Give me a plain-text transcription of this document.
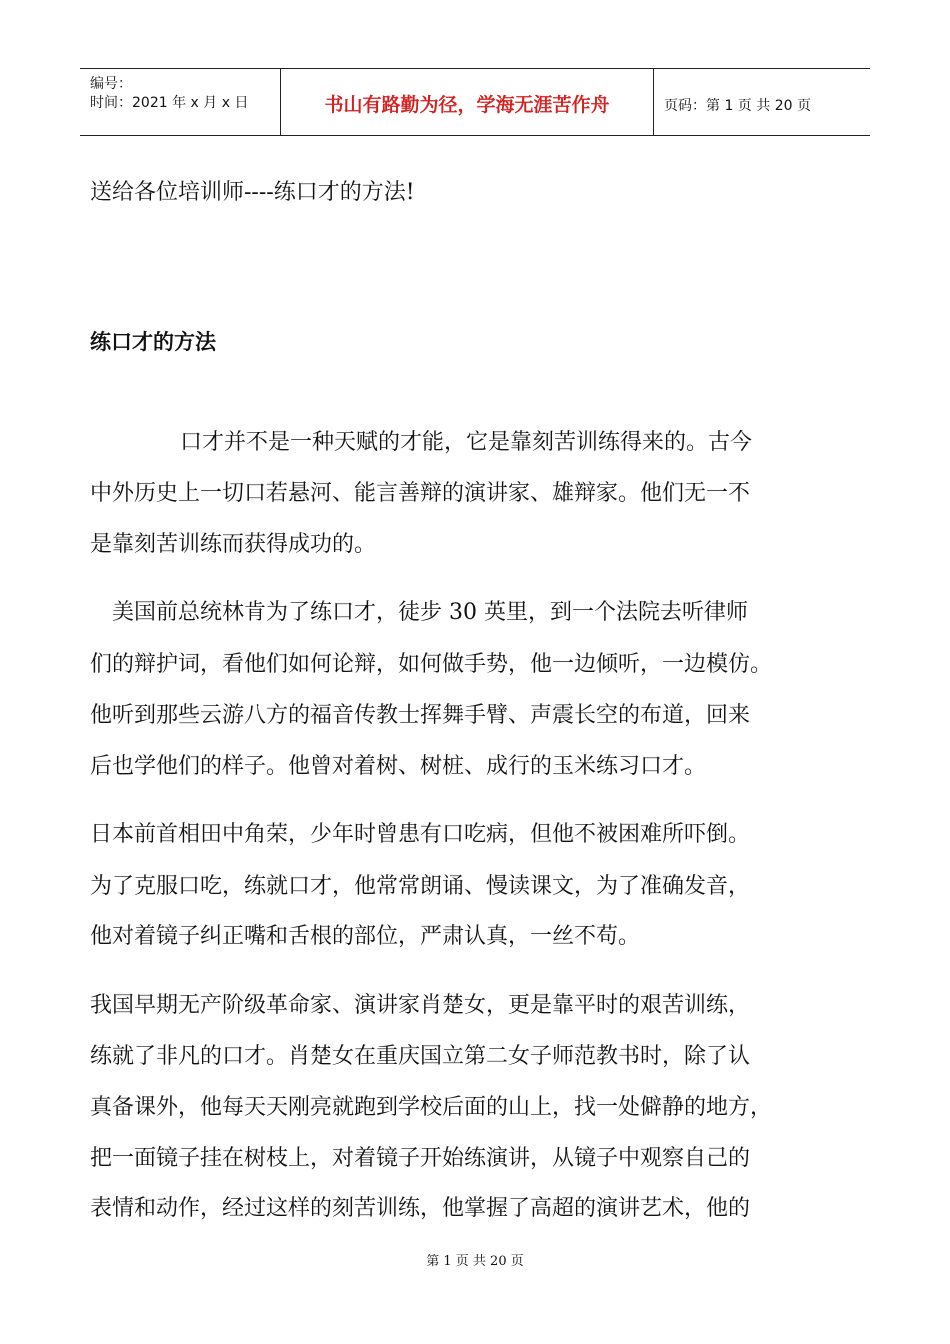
编号：
时间：2021 年 x 月 x 日	书山有路勤为径，学海无涯苦作舟	页码：第 1 页 共 20 页
送给各位培训师----练口才的方法!
练口才的方法
口才并不是一种天赋的才能，它是靠刻苦训练得来的。古今
中外历史上一切口若悬河、能言善辩的演讲家、雄辩家。他们无一不
是靠刻苦训练而获得成功的。
美国前总统林肯为了练口才，徒步 30 英里，到一个法院去听律师
们的辩护词，看他们如何论辩，如何做手势，他一边倾听，一边模仿。
他听到那些云游八方的福音传教士挥舞手臂、声震长空的布道，回来
后也学他们的样子。他曾对着树、树桩、成行的玉米练习口才。
日本前首相田中角荣，少年时曾患有口吃病，但他不被困难所吓倒。
为了克服口吃，练就口才，他常常朗诵、慢读课文，为了准确发音，
他对着镜子纠正嘴和舌根的部位，严肃认真，一丝不苟。
我国早期无产阶级革命家、演讲家肖楚女，更是靠平时的艰苦训练，
练就了非凡的口才。肖楚女在重庆国立第二女子师范教书时，除了认
真备课外，他每天天刚亮就跑到学校后面的山上，找一处僻静的地方，
把一面镜子挂在树枝上，对着镜子开始练演讲，从镜子中观察自己的
表情和动作，经过这样的刻苦训练，他掌握了高超的演讲艺术，他的
第 1 页 共 20 页
